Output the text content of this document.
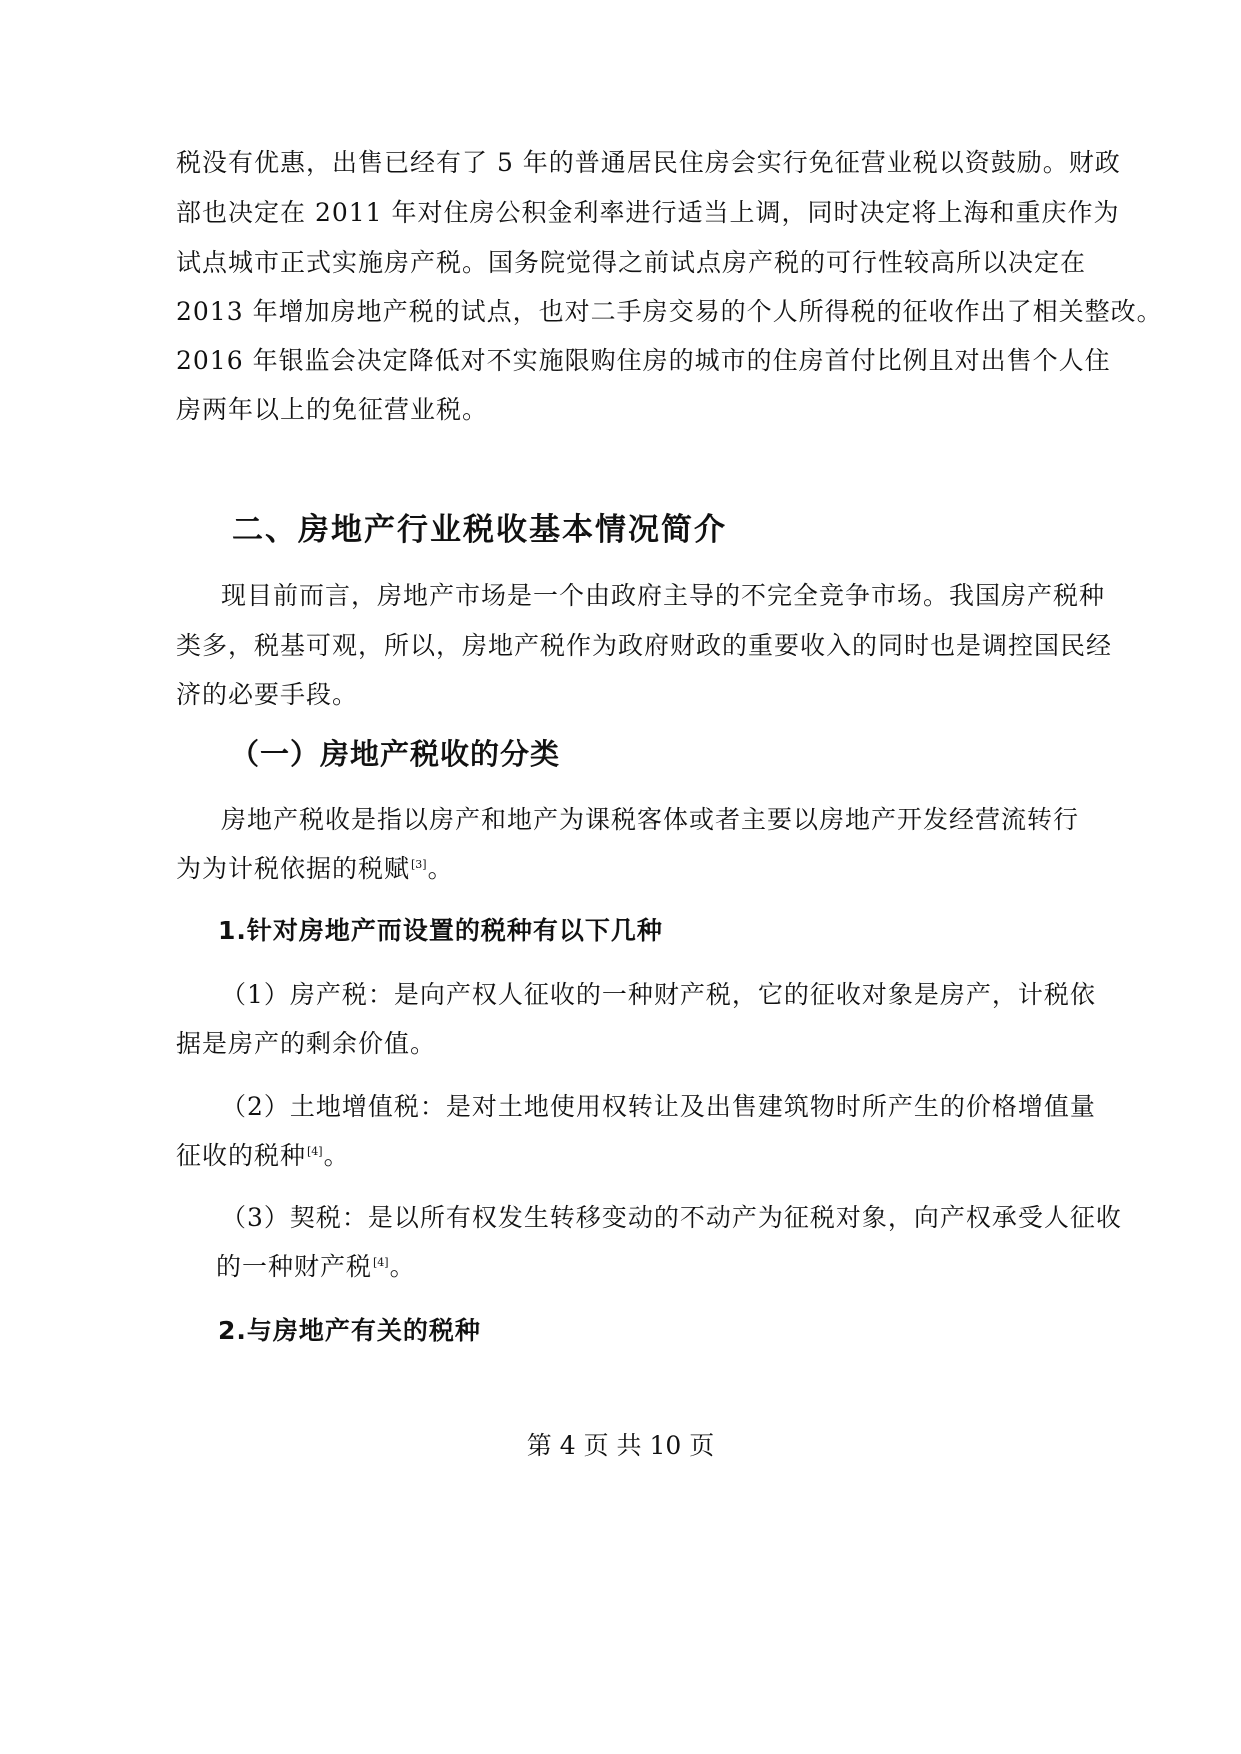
税没有优惠，出售已经有了 5 年的普通居民住房会实行免征营业税以资鼓励。财政
部也决定在 2011 年对住房公积金利率进行适当上调，同时决定将上海和重庆作为
试点城市正式实施房产税。国务院觉得之前试点房产税的可行性较高所以决定在
2013 年增加房地产税的试点，也对二手房交易的个人所得税的征收作出了相关整改。
2016 年银监会决定降低对不实施限购住房的城市的住房首付比例且对出售个人住
房两年以上的免征营业税。
二、房地产行业税收基本情况简介
现目前而言，房地产市场是一个由政府主导的不完全竞争市场。我国房产税种
类多，税基可观，所以，房地产税作为政府财政的重要收入的同时也是调控国民经
济的必要手段。
（一）房地产税收的分类
房地产税收是指以房产和地产为课税客体或者主要以房地产开发经营流转行
为为计税依据的税赋[3]。
1.针对房地产而设置的税种有以下几种
（1）房产税：是向产权人征收的一种财产税，它的征收对象是房产，计税依
据是房产的剩余价值。
（2）土地增值税：是对土地使用权转让及出售建筑物时所产生的价格增值量
征收的税种[4]。
（3）契税：是以所有权发生转移变动的不动产为征税对象，向产权承受人征收
的一种财产税[4]。
2.与房地产有关的税种
第 4 页 共 10 页
